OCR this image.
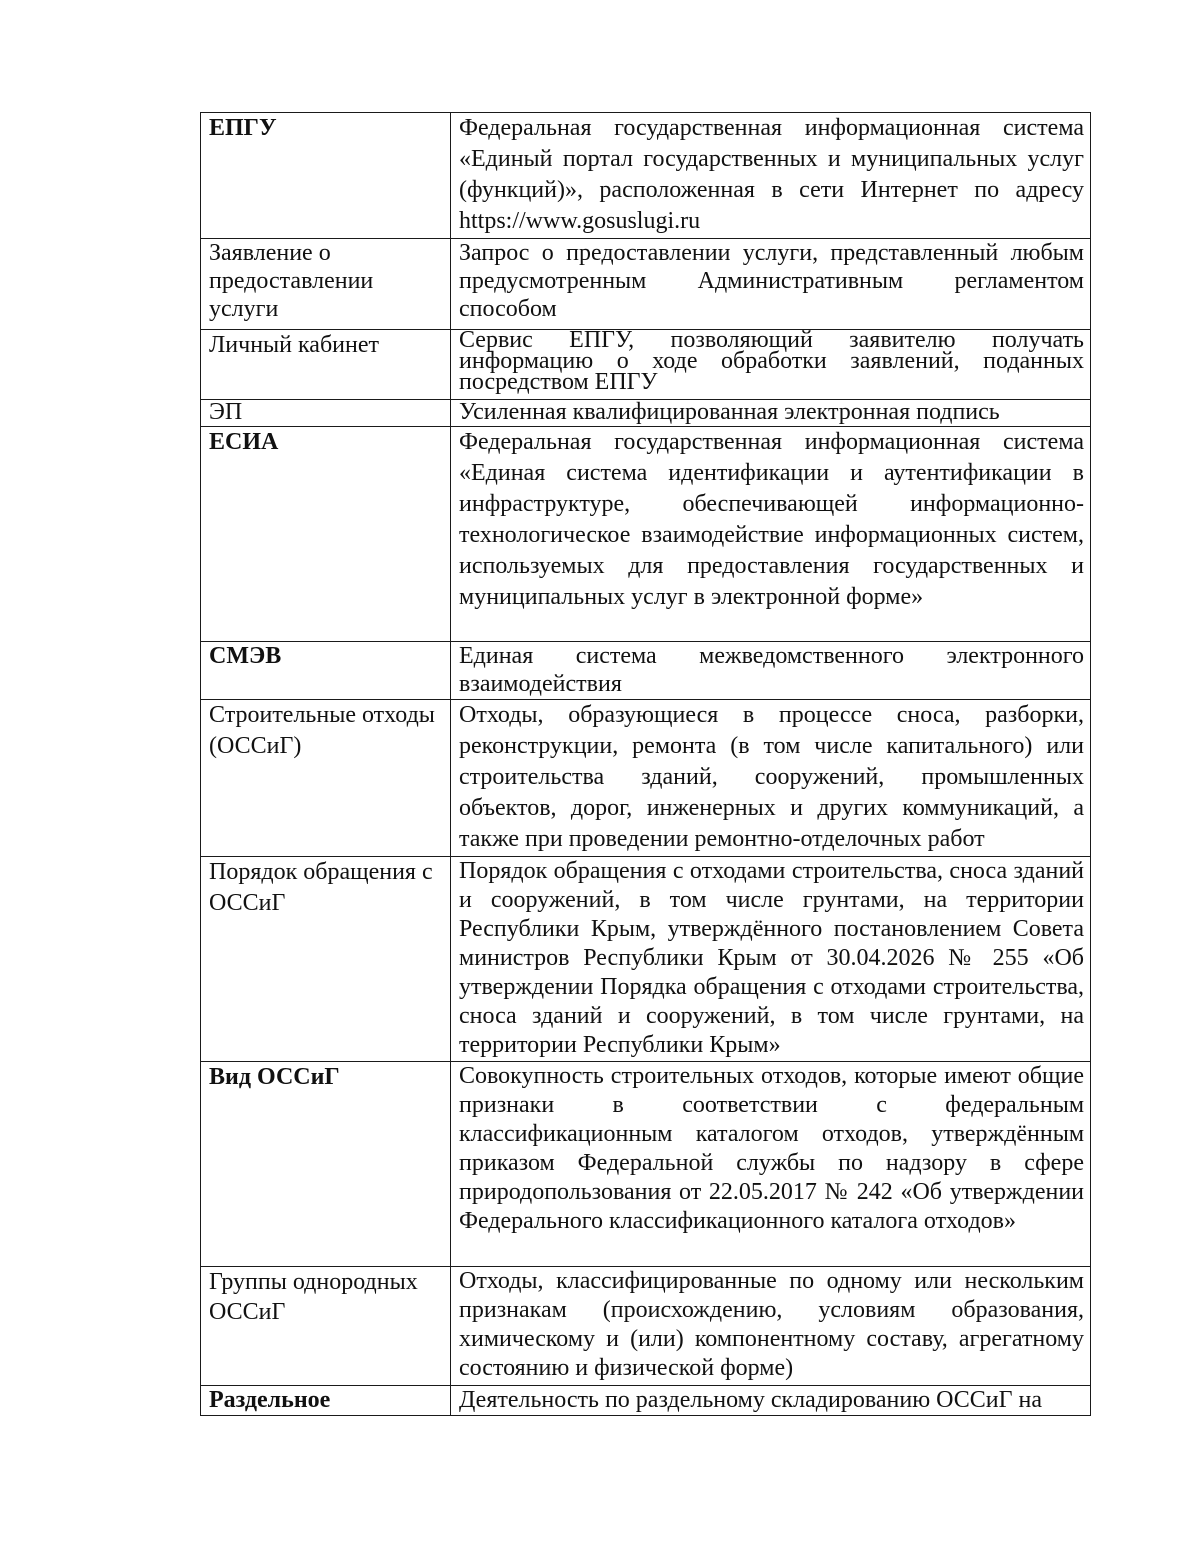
ЕПГУ	Федеральная государственная информационная система «Единый портал государственных и муниципальных услуг (функций)», расположенная в сети Интернет по адресу https://www.gosuslugi.ru
Заявление о предоставлении услуги	Запрос о предоставлении услуги, представленный любым предусмотренным Административным регламентом способом
Личный кабинет	Сервис ЕПГУ, позволяющий заявителю получать информацию о ходе обработки заявлений, поданных посредством ЕПГУ
ЭП	Усиленная квалифицированная электронная подпись
ЕСИА	Федеральная государственная информационная система «Единая система идентификации и аутентификации в инфраструктуре, обеспечивающей информационно-технологическое взаимодействие информационных систем, используемых для предоставления государственных и муниципальных услуг в электронной форме»
СМЭВ	Единая система межведомственного электронного взаимодействия
Строительные отходы (ОССиГ)	Отходы, образующиеся в процессе сноса, разборки, реконструкции, ремонта (в том числе капитального) или строительства зданий, сооружений, промышленных объектов, дорог, инженерных и других коммуникаций, а также при проведении ремонтно-отделочных работ
Порядок обращения с ОССиГ	Порядок обращения с отходами строительства, сноса зданий и сооружений, в том числе грунтами, на территории Республики Крым, утверждённого постановлением Совета министров Республики Крым от 30.04.2026 № 255 «Об утверждении Порядка обращения с отходами строительства, сноса зданий и сооружений, в том числе грунтами, на территории Республики Крым»
Вид ОССиГ	Совокупность строительных отходов, которые имеют общие признаки в соответствии с федеральным классификационным каталогом отходов, утверждённым приказом Федеральной службы по надзору в сфере природопользования от 22.05.2017 № 242 «Об утверждении Федерального классификационного каталога отходов»
Группы однородных ОССиГ	Отходы, классифицированные по одному или нескольким признакам (происхождению, условиям образования, химическому и (или) компонентному составу, агрегатному состоянию и физической форме)
Раздельное	Деятельность по раздельному складированию ОССиГ на
